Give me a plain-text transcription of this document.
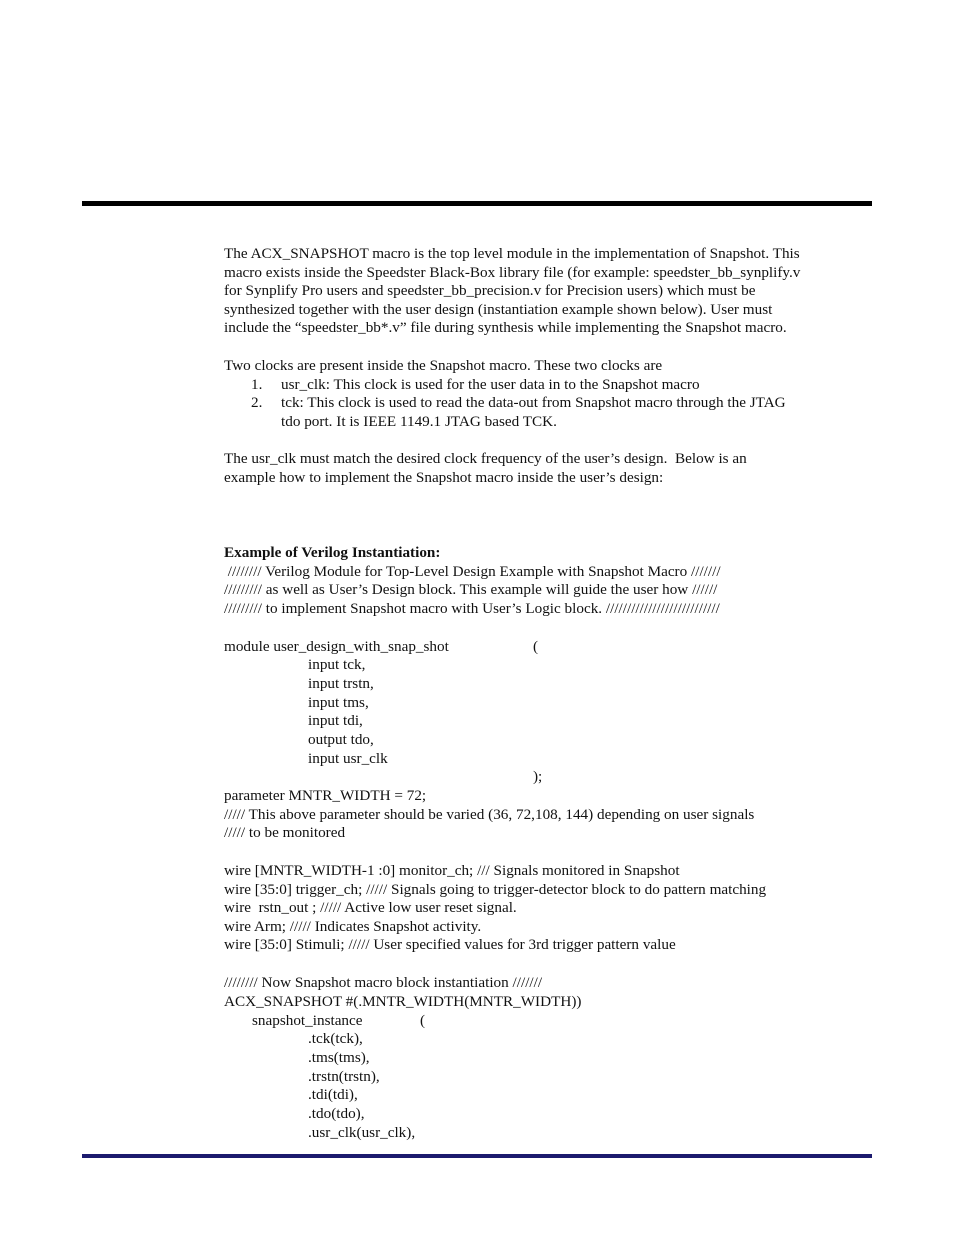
The ACX_SNAPSHOT macro is the top level module in the implementation of Snapshot. This
macro exists inside the Speedster Black-Box library file (for example: speedster_bb_synplify.v
for Synplify Pro users and speedster_bb_precision.v for Precision users) which must be
synthesized together with the user design (instantiation example shown below). User must
include the “speedster_bb*.v” file during synthesis while implementing the Snapshot macro.
Two clocks are present inside the Snapshot macro. These two clocks are
1. usr_clk: This clock is used for the user data in to the Snapshot macro
2. tck: This clock is used to read the data-out from Snapshot macro through the JTAG
tdo port. It is IEEE 1149.1 JTAG based TCK.
The usr_clk must match the desired clock frequency of the user’s design.  Below is an
example how to implement the Snapshot macro inside the user’s design:
Example of Verilog Instantiation:
//////// Verilog Module for Top-Level Design Example with Snapshot Macro ///////
///////// as well as User’s Design block. This example will guide the user how //////
///////// to implement Snapshot macro with User’s Logic block. ///////////////////////////
module user_design_with_snap_shot	(
input tck,
input trstn,
input tms,
input tdi,
output tdo,
input usr_clk
);
parameter MNTR_WIDTH = 72;
///// This above parameter should be varied (36, 72,108, 144) depending on user signals
///// to be monitored
wire [MNTR_WIDTH-1 :0] monitor_ch; /// Signals monitored in Snapshot
wire [35:0] trigger_ch; ///// Signals going to trigger-detector block to do pattern matching
wire  rstn_out ; ///// Active low user reset signal.
wire Arm; ///// Indicates Snapshot activity.
wire [35:0] Stimuli; ///// User specified values for 3rd trigger pattern value
//////// Now Snapshot macro block instantiation ///////
ACX_SNAPSHOT #(.MNTR_WIDTH(MNTR_WIDTH))
snapshot_instance	(
.tck(tck),
.tms(tms),
.trstn(trstn),
.tdi(tdi),
.tdo(tdo),
.usr_clk(usr_clk),
